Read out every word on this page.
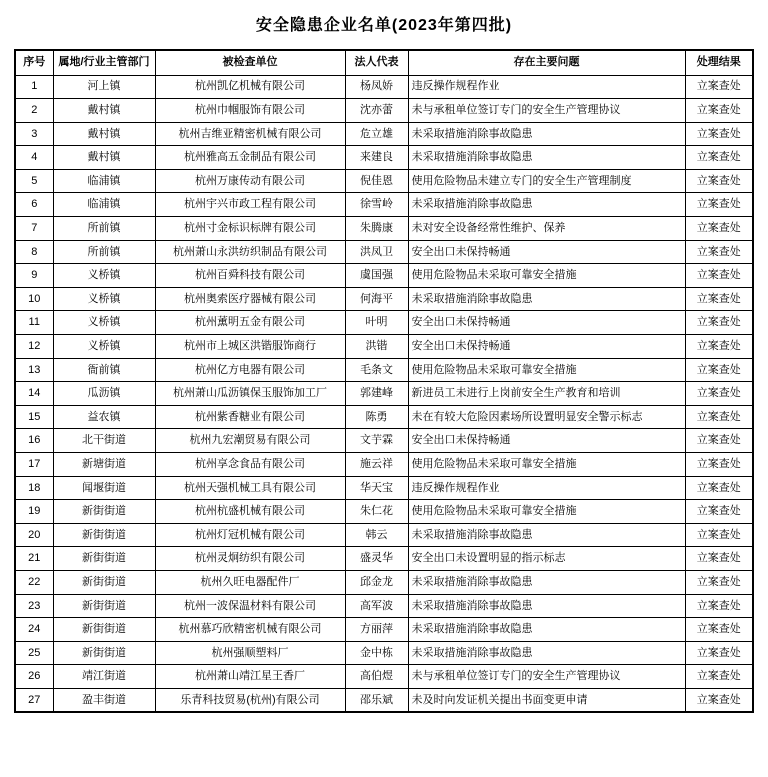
安全隐患企业名单(2023年第四批)
序号	属地/行业主管部门	被检查单位	法人代表	存在主要问题	处理结果
1	河上镇	杭州凯亿机械有限公司	杨凤娇	违反操作规程作业	立案查处
2	戴村镇	杭州巾帼服饰有限公司	沈亦蕾	未与承租单位签订专门的安全生产管理协议	立案查处
3	戴村镇	杭州吉维亚精密机械有限公司	危立雄	未采取措施消除事故隐患	立案查处
4	戴村镇	杭州雅高五金制品有限公司	来建良	未采取措施消除事故隐患	立案查处
5	临浦镇	杭州万康传动有限公司	倪佳恩	使用危险物品未建立专门的安全生产管理制度	立案查处
6	临浦镇	杭州宇兴市政工程有限公司	徐雪岭	未采取措施消除事故隐患	立案查处
7	所前镇	杭州寸金标识标牌有限公司	朱腾康	未对安全设备经常性维护、保养	立案查处
8	所前镇	杭州萧山永洪纺织制品有限公司	洪凤卫	安全出口未保持畅通	立案查处
9	义桥镇	杭州百舜科技有限公司	虞国强	使用危险物品未采取可靠安全措施	立案查处
10	义桥镇	杭州奥索医疗器械有限公司	何海平	未采取措施消除事故隐患	立案查处
11	义桥镇	杭州薰明五金有限公司	叶明	安全出口未保持畅通	立案查处
12	义桥镇	杭州市上城区洪锴服饰商行	洪锴	安全出口未保持畅通	立案查处
13	衙前镇	杭州亿方电器有限公司	毛条文	使用危险物品未采取可靠安全措施	立案查处
14	瓜沥镇	杭州萧山瓜沥镇保玉服饰加工厂	郭建峰	新进员工未进行上岗前安全生产教育和培训	立案查处
15	益农镇	杭州紫香糖业有限公司	陈勇	未在有较大危险因素场所设置明显安全警示标志	立案查处
16	北干街道	杭州九宏潮贸易有限公司	文芋霖	安全出口未保持畅通	立案查处
17	新塘街道	杭州享念食品有限公司	施云祥	使用危险物品未采取可靠安全措施	立案查处
18	闻堰街道	杭州天强机械工具有限公司	华天宝	违反操作规程作业	立案查处
19	新街街道	杭州杭盛机械有限公司	朱仁花	使用危险物品未采取可靠安全措施	立案查处
20	新街街道	杭州灯冠机械有限公司	韩云	未采取措施消除事故隐患	立案查处
21	新街街道	杭州灵炯纺织有限公司	盛灵华	安全出口未设置明显的指示标志	立案查处
22	新街街道	杭州久旺电器配件厂	邱金龙	未采取措施消除事故隐患	立案查处
23	新街街道	杭州一波保温材料有限公司	高军波	未采取措施消除事故隐患	立案查处
24	新街街道	杭州慕巧欣精密机械有限公司	方丽萍	未采取措施消除事故隐患	立案查处
25	新街街道	杭州强顺塑料厂	金中栋	未采取措施消除事故隐患	立案查处
26	靖江街道	杭州萧山靖江星王香厂	高伯煜	未与承租单位签订专门的安全生产管理协议	立案查处
27	盈丰街道	乐青科技贸易(杭州)有限公司	邵乐斌	未及时向发证机关提出书面变更申请	立案查处
